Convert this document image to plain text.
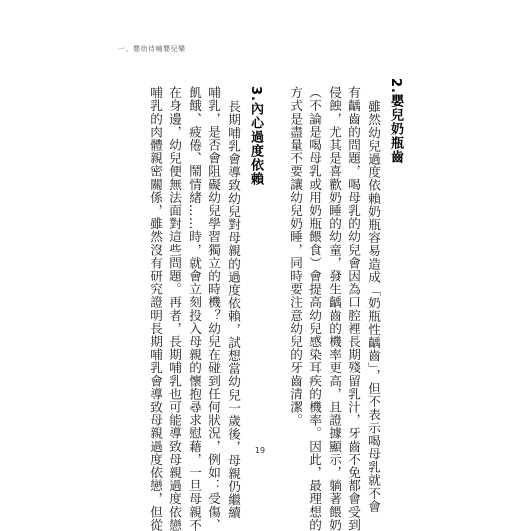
一、嬰幼待哺嬰兒樂
2.嬰兒奶瓶齒
雖然幼兒過度依賴奶瓶容易造成「奶瓶性齲齒」，但不表示喝母乳就不會
有齲齒的問題，喝母乳的幼兒會因為口腔裡長期殘留乳汁，牙齒不免都會受到
侵蝕，尤其是喜歡奶睡的幼童，發生齲齒的機率更高，且證據顯示，躺著餵奶
（不論是喝母乳或用奶瓶餵食）會提高幼兒感染耳疾的機率。因此，最理想的
方式是盡量不要讓幼兒奶睡，同時要注意幼兒的牙齒清潔。
3.內心過度依賴
長期哺乳會導致幼兒對母親的過度依賴，試想當幼兒一歲後，母親仍繼續
哺乳，是否會阻礙幼兒學習獨立的時機？幼兒在碰到任何狀況，例如：受傷、
飢餓、疲倦、鬧情緒……時，就會立刻投入母親的懷抱尋求慰藉，一旦母親不
在身邊，幼兒便無法面對這些問題。再者，長期哺乳也可能導致母親過度依戀
哺乳的肉體親密關係，雖然沒有研究證明長期哺乳會導致母親過度依戀，但從	19
